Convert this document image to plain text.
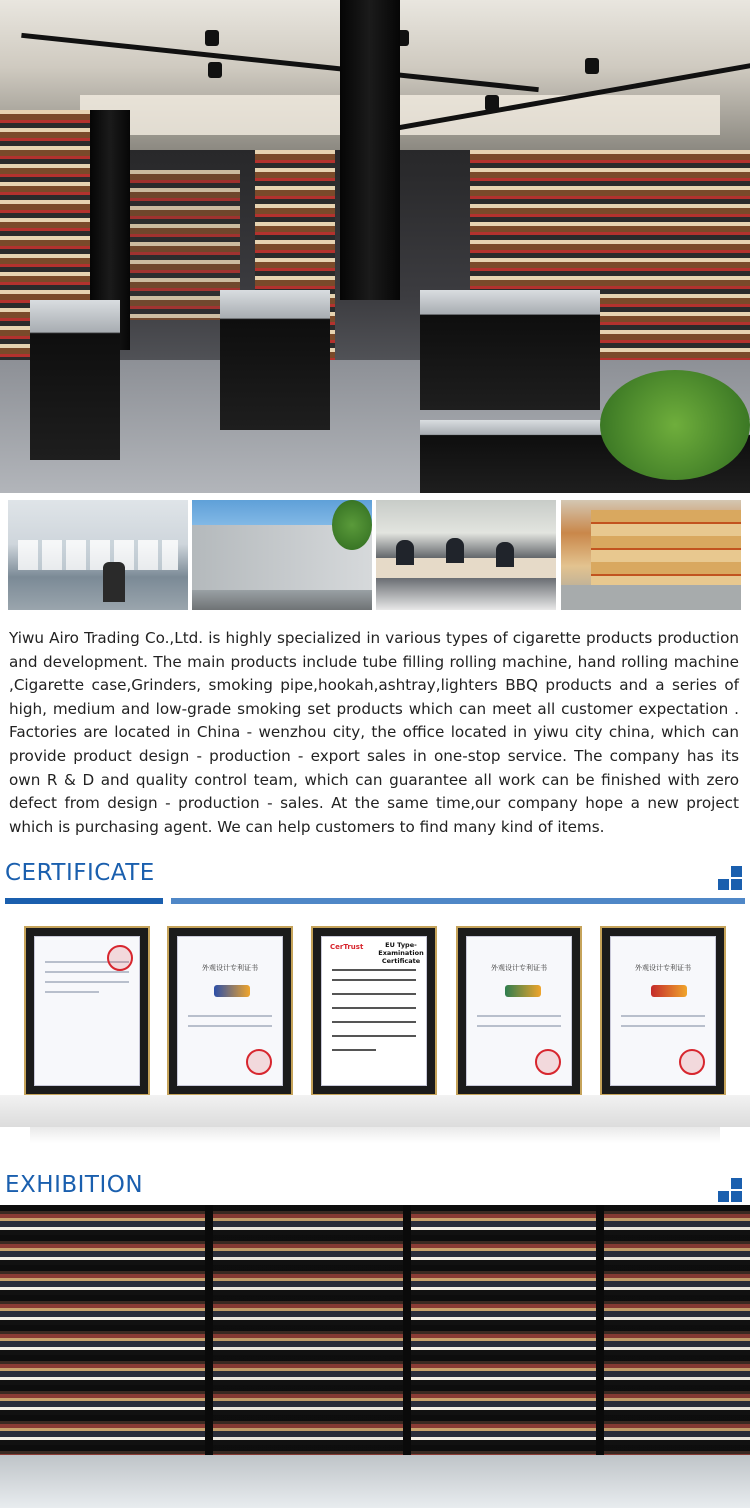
Yiwu Airo Trading Co.,Ltd. is highly specialized in various types of cigarette products production and development. The main products include tube filling rolling machine, hand rolling machine ,Cigarette case,Grinders, smoking pipe,hookah,ashtray,lighters BBQ products and a series of high, medium and low-grade smoking set products which can meet all customer expectation . Factories are located in China - wenzhou city, the office located in yiwu city china, which can provide product design - production - export sales in one-stop service. The company has its own R & D and quality control team, which can guarantee all work can be finished with zero defect from design - production - sales. At the same time,our company hope a new project which is purchasing agent. We can help customers to find many kind of items.

CERTIFICATE
外观设计专利证书
CerTrust	EU Type-Examination Certificate
外观设计专利证书	外观设计专利证书
EXHIBITION
